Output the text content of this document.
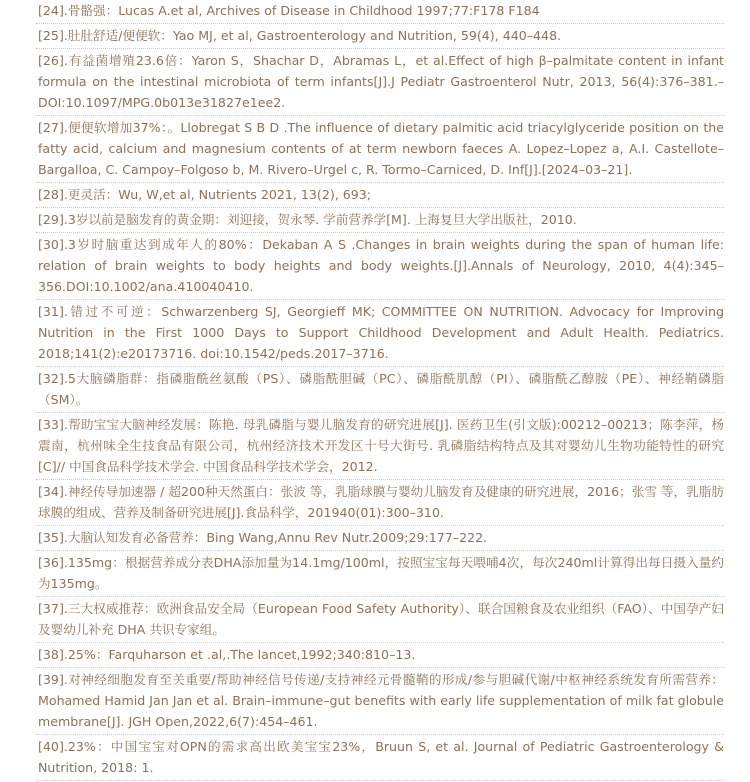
[24].骨骼强：Lucas A.et al, Archives of Disease in Childhood 1997;77:F178 F184
[25].肚肚舒适/便便软：Yao MJ, et al, Gastroenterology and Nutrition, 59(4), 440–448.
[26].有益菌增殖23.6倍：Yaron S，Shachar D，Abramas L，et al.Effect of high β–palmitate content in infant formula on the intestinal microbiota of term infants[J].J Pediatr Gastroenterol Nutr, 2013, 56(4):376–381.–DOI:10.1097/MPG.0b013e31827e1ee2.
[27].便便软增加37%：。Llobregat S B D .The influence of dietary palmitic acid triacylglyceride position on the fatty acid, calcium and magnesium contents of at term newborn faeces A. Lopez–Lopez a, A.I. Castellote–Bargalloa, C. Campoy–Folgoso b, M. Rivero–Urgel c, R. Tormo–Carniced, D. Inf[J].[2024–03–21].
[28].更灵活：Wu, W,et al, Nutrients 2021, 13(2), 693;
[29].3岁以前是脑发育的黄金期：刘迎接，贺永琴. 学前营养学[M]. 上海复旦大学出版社，2010.
[30].3岁时脑重达到成年人的80%：Dekaban A S .Changes in brain weights during the span of human life: relation of brain weights to body heights and body weights.[J].Annals of Neurology, 2010, 4(4):345–356.DOI:10.1002/ana.410040410.
[31].错过不可逆：Schwarzenberg SJ, Georgieff MK; COMMITTEE ON NUTRITION. Advocacy for Improving Nutrition in the First 1000 Days to Support Childhood Development and Adult Health. Pediatrics. 2018;141(2):e20173716. doi:10.1542/peds.2017–3716.
[32].5大脑磷脂群：指磷脂酰丝氨酸（PS）、磷脂酰胆碱（PC）、磷脂酰肌醇（PI）、磷脂酰乙醇胺（PE）、神经鞘磷脂（SM）。
[33].帮助宝宝大脑神经发展：陈艳. 母乳磷脂与婴儿脑发育的研究进展[J]. 医药卫生(引文版):00212–00213；陈李萍，杨震南，杭州味全生技食品有限公司，杭州经济技术开发区十号大街号. 乳磷脂结构特点及其对婴幼儿生物功能特性的研究[C]// 中国食品科学技术学会. 中国食品科学技术学会，2012.
[34].神经传导加速器 / 超200种天然蛋白：张波 等，乳脂球膜与婴幼儿脑发育及健康的研究进展，2016；张雪 等，乳脂肪球膜的组成、营养及制备研究进展[J].食品科学，201940(01):300–310.
[35].大脑认知发育必备营养：Bing Wang,Annu Rev Nutr.2009;29:177–222.
[36].135mg：根据营养成分表DHA添加量为14.1mg/100ml，按照宝宝每天喂哺4次，每次240ml计算得出每日摄入量约为135mg。
[37].三大权威推荐：欧洲食品安全局（European Food Safety Authority）、联合国粮食及农业组织（FAO）、中国孕产妇及婴幼儿补充 DHA 共识专家组。
[38].25%：Farquharson et .al,.The lancet,1992;340:810–13.
[39].对神经细胞发育至关重要/帮助神经信号传递/支持神经元骨髓鞘的形成/参与胆碱代谢/中枢神经系统发育所需营养：Mohamed Hamid Jan Jan et al. Brain–immune–gut benefits with early life supplementation of milk fat globule membrane[J]. JGH Open,2022,6(7):454–461.
[40].23%：中国宝宝对OPN的需求高出欧美宝宝23%，Bruun S, et al. Journal of Pediatric Gastroenterology & Nutrition, 2018: 1.
